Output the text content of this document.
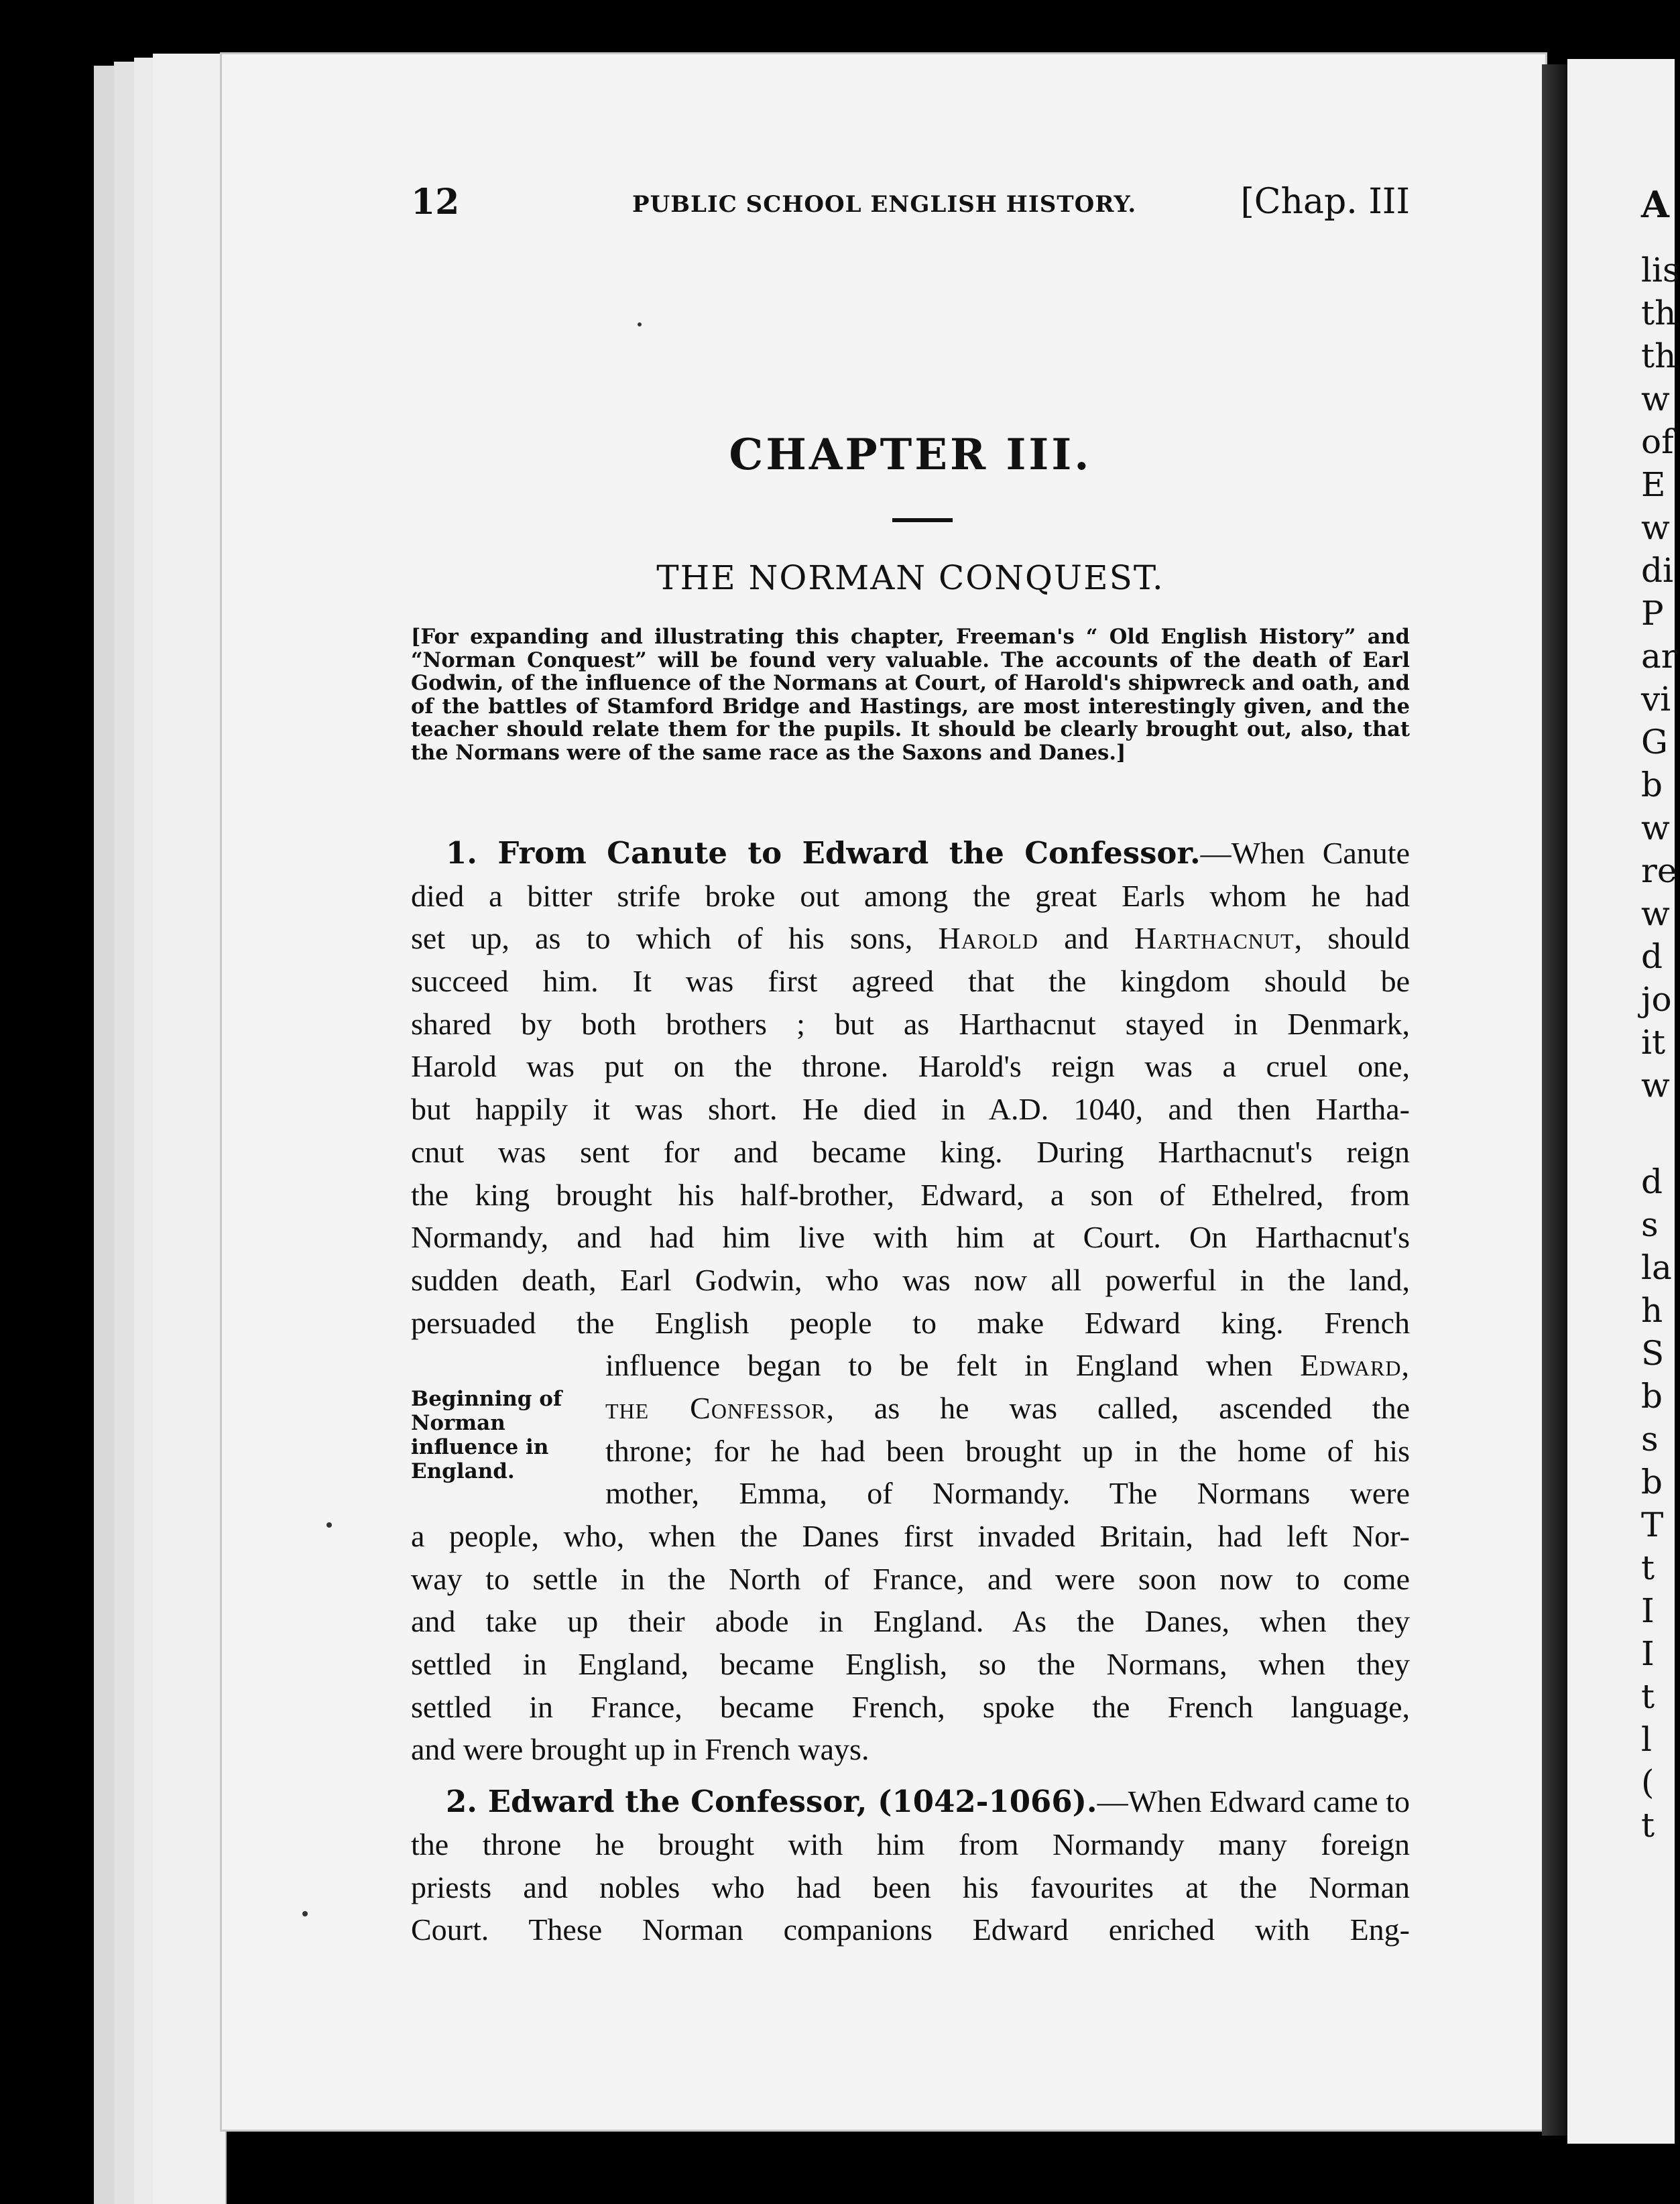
12	PUBLIC SCHOOL ENGLISH HISTORY.	[Chap. III
CHAPTER III.
THE NORMAN CONQUEST.
[For expanding and illustrating this chapter, Freeman's “ Old English History” and “Norman Conquest” will be found very valuable. The accounts of the death of Earl Godwin, of the influence of the Normans at Court, of Harold's shipwreck and oath, and of the battles of Stamford Bridge and Hastings, are most interestingly given, and the teacher should relate them for the pupils. It should be clearly brought out, also, that the Normans were of the same race as the Saxons and Danes.]
Beginning of Norman influence in England.
1. From Canute to Edward the Confessor.—When Canute
died a bitter strife broke out among the great Earls whom he had
set up, as to which of his sons, Harold and Harthacnut, should
succeed him. It was first agreed that the kingdom should be
shared by both brothers ; but as Harthacnut stayed in Denmark,
Harold was put on the throne. Harold's reign was a cruel one,
but happily it was short. He died in A.D. 1040, and then Hartha-
cnut was sent for and became king. During Harthacnut's reign
the king brought his half-brother, Edward, a son of Ethelred, from
Normandy, and had him live with him at Court. On Harthacnut's
sudden death, Earl Godwin, who was now all powerful in the land,
persuaded the English people to make Edward king. French
influence began to be felt in England when Edward,
the Confessor, as he was called, ascended the
throne; for he had been brought up in the home of his
mother, Emma, of Normandy. The Normans were
a people, who, when the Danes first invaded Britain, had left Nor-
way to settle in the North of France, and were soon now to come
and take up their abode in England. As the Danes, when they
settled in England, became English, so the Normans, when they
settled in France, became French, spoke the French language,
and were brought up in French ways.
2. Edward the Confessor, (1042-1066).—When Edward came to
the throne he brought with him from Normandy many foreign
priests and nobles who had been his favourites at the Norman
Court. These Norman companions Edward enriched with Eng-
A
lis
th
th
w
of
E
w
di
P
ar
vi
G
b
w
re
w
d
jo
it
w
d
s
la
h
S
b
s
b
T
t
I
I
t
l
(
t
